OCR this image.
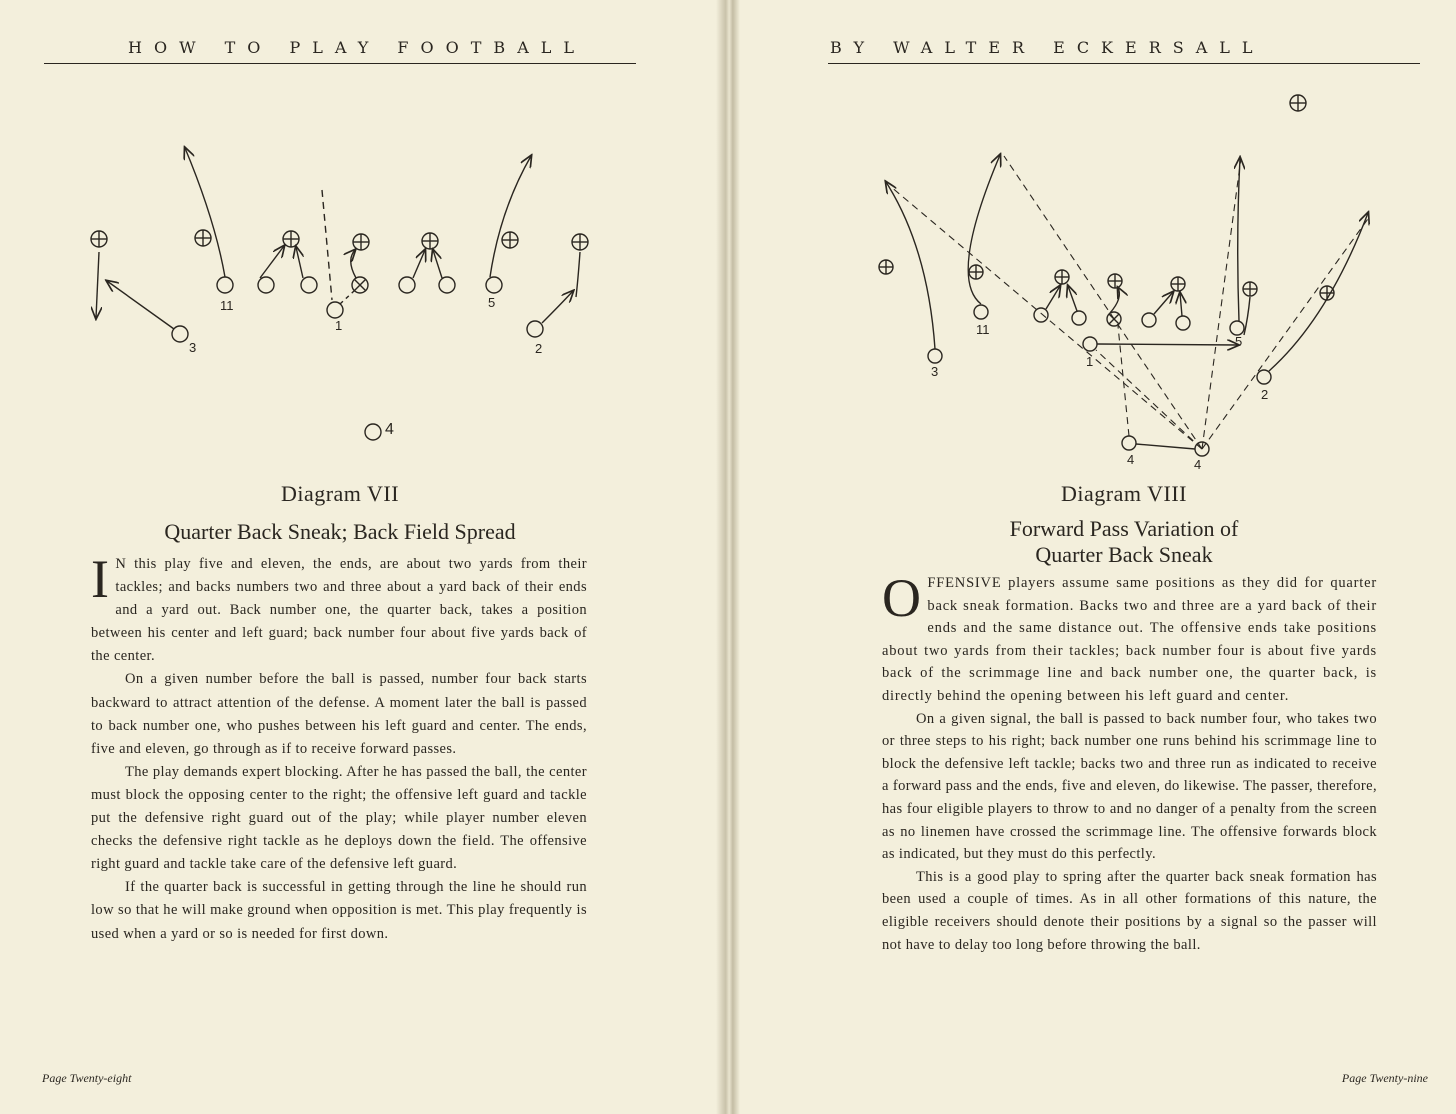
HOW TO PLAY FOOTBALL
11
1
5
3	2
4
Diagram VII
Quarter Back Sneak; Back Field Spread

I N this play five and eleven, the ends, are about two yards from their tackles; and backs numbers two and three about a yard back of their ends and a yard out. Back number one, the quarter back, takes a position between his center and left guard; back number four about five yards back of the center.

On a given number before the ball is passed, number four back starts backward to attract attention of the defense. A moment later the ball is passed to back number one, who pushes between his left guard and center. The ends, five and eleven, go through as if to receive forward passes.

The play demands expert blocking. After he has passed the ball, the center must block the opposing center to the right; the offensive left guard and tackle put the defensive right guard out of the play; while player number eleven checks the defensive right tackle as he deploys down the field. The offensive right guard and tackle take care of the defensive left guard.

If the quarter back is successful in getting through the line he should run low so that he will make ground when opposition is met. This play frequently is used when a yard or so is needed for first down.

Page Twenty-eight
BY WALTER ECKERSALL
11
1
5
3
2
4	4
Diagram VIII
Forward Pass Variation of
Quarter Back Sneak

OFFENSIVE players assume same positions as they did for quarter back sneak formation. Backs two and three are a yard back of their ends and the same distance out. The offensive ends take positions about two yards from their tackles; back number four is about five yards back of the scrimmage line and back number one, the quarter back, is directly behind the opening between his left guard and center.

On a given signal, the ball is passed to back number four, who takes two or three steps to his right; back number one runs behind his scrimmage line to block the defensive left tackle; backs two and three run as indicated to receive a forward pass and the ends, five and eleven, do likewise. The passer, therefore, has four eligible players to throw to and no danger of a penalty from the screen as no linemen have crossed the scrimmage line. The offensive forwards block as indicated, but they must do this perfectly.

This is a good play to spring after the quarter back sneak formation has been used a couple of times. As in all other formations of this nature, the eligible receivers should denote their positions by a signal so the passer will not have to delay too long before throwing the ball.

Page Twenty-nine
